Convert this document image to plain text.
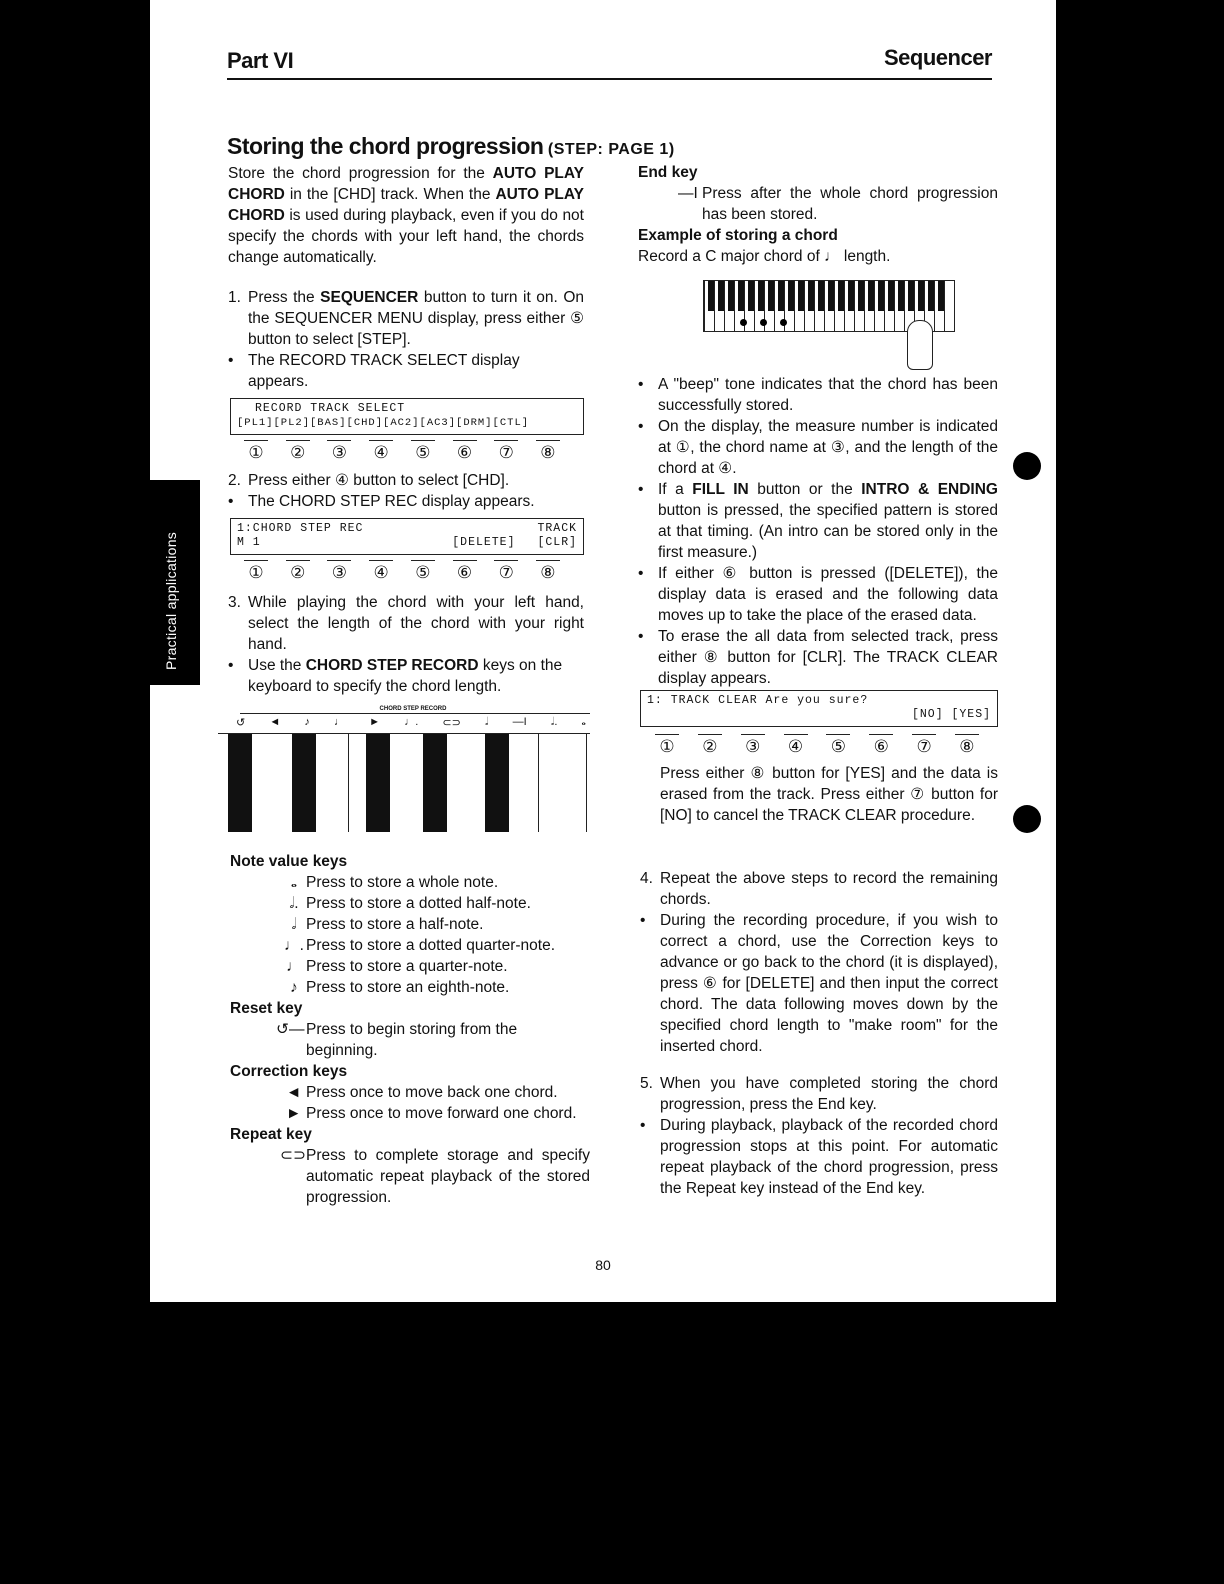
Part VI	Sequencer
Storing the chord progression (STEP: PAGE 1)
Store the chord progression for the AUTO PLAY CHORD in the [CHD] track. When the AUTO PLAY CHORD is used during playback, even if you do not specify the chords with your left hand, the chords change automatically.
1. Press the SEQUENCER button to turn it on. On the SEQUENCER MENU display, press either ⑤ button to select [STEP].
• The RECORD TRACK SELECT display appears.
RECORD TRACK SELECT
[PL1][PL2][BAS][CHD][AC2][AC3][DRM][CTL]
① ② ③ ④ ⑤ ⑥ ⑦ ⑧
2. Press either ④ button to select [CHD].
• The CHORD STEP REC display appears.
1:CHORD STEP REC	TRACK
M 1	[DELETE] [CLR]
① ② ③ ④ ⑤ ⑥ ⑦ ⑧
3. While playing the chord with your left hand, select the length of the chord with your right hand.
• Use the CHORD STEP RECORD keys on the keyboard to specify the chord length.
CHORD STEP RECORD
↺ ◄ ♪ ♩ ► ♩. ⊂⊃ 𝅗𝅥 —I 𝅗𝅥. 𝅝
Note value keys
𝅝 Press to store a whole note.
𝅗𝅥. Press to store a dotted half-note.
𝅗𝅥 Press to store a half-note.
♩. Press to store a dotted quarter-note.
♩ Press to store a quarter-note.
♪ Press to store an eighth-note.
Reset key
↺— Press to begin storing from the beginning.
Correction keys
◄ Press once to move back one chord.
► Press once to move forward one chord.
Repeat key
⊂⊃ Press to complete storage and specify automatic repeat playback of the stored progression.
End key
—I Press after the whole chord progression has been stored.
Example of storing a chord
Record a C major chord of ♩ length.
• A "beep" tone indicates that the chord has been successfully stored.
• On the display, the measure number is indicated at ①, the chord name at ③, and the length of the chord at ④.
• If a FILL IN button or the INTRO & ENDING button is pressed, the specified pattern is stored at that timing. (An intro can be stored only in the first measure.)
• If either ⑥ button is pressed ([DELETE]), the display data is erased and the following data moves up to take the place of the erased data.
• To erase the all data from selected track, press either ⑧ button for [CLR]. The TRACK CLEAR display appears.
1: TRACK CLEAR Are you sure?
[NO] [YES]
① ② ③ ④ ⑤ ⑥ ⑦ ⑧
Press either ⑧ button for [YES] and the data is erased from the track. Press either ⑦ button for [NO] to cancel the TRACK CLEAR procedure.
4. Repeat the above steps to record the remaining chords.
• During the recording procedure, if you wish to correct a chord, use the Correction keys to advance or go back to the chord (it is displayed), press ⑥ for [DELETE] and then input the correct chord. The data following moves down by the specified chord length to "make room" for the inserted chord.
5. When you have completed storing the chord progression, press the End key.
• During playback, playback of the recorded chord progression stops at this point. For automatic repeat playback of the chord progression, press the Repeat key instead of the End key.
80
Practical applications
